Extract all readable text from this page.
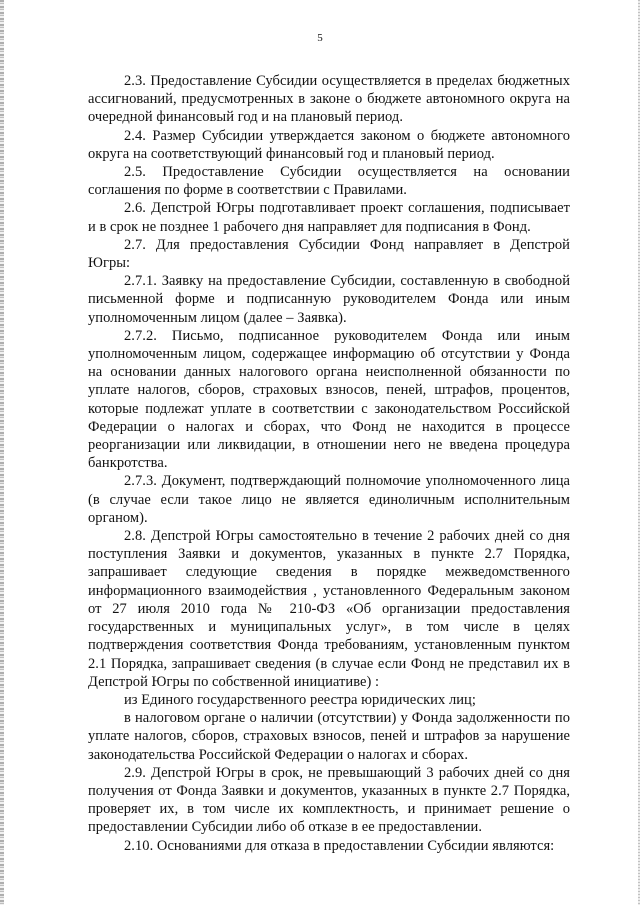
5

2.3. Предоставление Субсидии осуществляется в пределах бюджетных ассигнований, предусмотренных в законе о бюджете автономного округа на очередной финансовый год и на плановый период.

2.4. Размер Субсидии утверждается законом о бюджете автономного округа на соответствующий финансовый год и плановый период.

2.5. Предоставление Субсидии осуществляется на основании соглашения по форме в соответствии с Правилами.

2.6. Депстрой Югры подготавливает проект соглашения, подписывает и в срок не позднее 1 рабочего дня направляет для подписания в Фонд.

2.7. Для предоставления Субсидии Фонд направляет в Депстрой Югры:

2.7.1. Заявку на предоставление Субсидии, составленную в свободной письменной форме и подписанную руководителем Фонда или иным уполномоченным лицом (далее – Заявка).

2.7.2. Письмо, подписанное руководителем Фонда или иным уполномоченным лицом, содержащее информацию об отсутствии у Фонда на основании данных налогового органа неисполненной обязанности по уплате налогов, сборов, страховых взносов, пеней, штрафов, процентов, которые подлежат уплате в соответствии с законодательством Российской Федерации о налогах и сборах, что Фонд не находится в процессе реорганизации или ликвидации, в отношении него не введена процедура банкротства.

2.7.3. Документ, подтверждающий полномочие уполномоченного лица (в случае если такое лицо не является единоличным исполнительным органом).

2.8. Депстрой Югры самостоятельно в течение 2 рабочих дней со дня поступления Заявки и документов, указанных в пункте 2.7 Порядка, запрашивает следующие сведения в порядке межведомственного информационного взаимодействия , установленного Федеральным законом от 27 июля 2010 года № 210-ФЗ «Об организации предоставления государственных и муниципальных услуг», в том числе в целях подтверждения соответствия Фонда требованиям, установленным пунктом 2.1 Порядка, запрашивает сведения (в случае если Фонд не представил их в Депстрой Югры по собственной инициативе) :

из Единого государственного реестра юридических лиц;

в налоговом органе о наличии (отсутствии) у Фонда задолженности по уплате налогов, сборов, страховых взносов, пеней и штрафов за нарушение законодательства Российской Федерации о налогах и сборах.

2.9. Депстрой Югры в срок, не превышающий 3 рабочих дней со дня получения от Фонда Заявки и документов, указанных в пункте 2.7 Порядка, проверяет их, в том числе их комплектность, и принимает решение о предоставлении Субсидии либо об отказе в ее предоставлении.

2.10. Основаниями для отказа в предоставлении Субсидии являются:
